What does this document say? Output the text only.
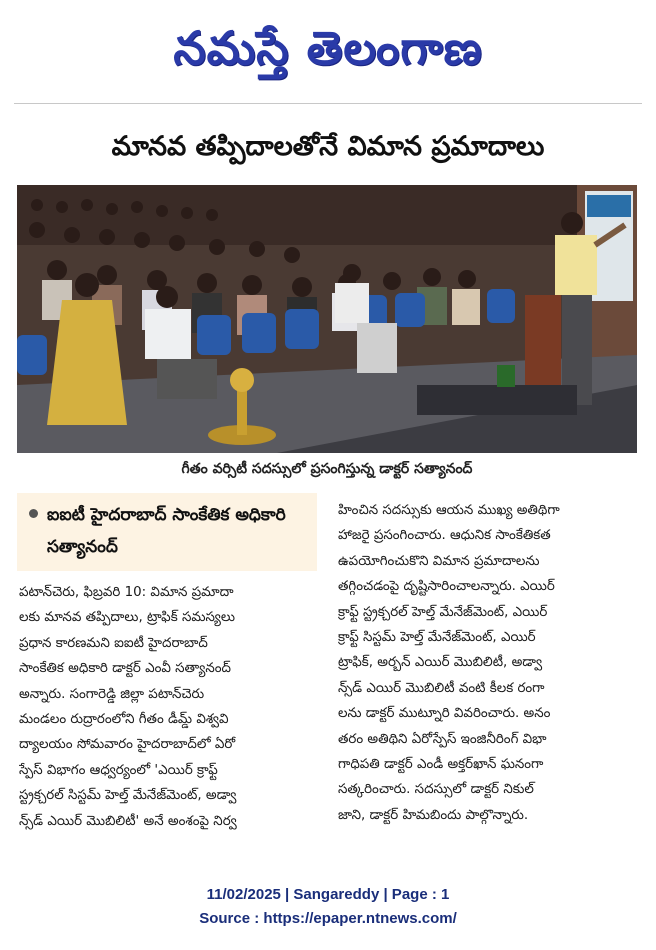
నమస్తే తెలంగాణ
మానవ తప్పిదాలతోనే విమాన ప్రమాదాలు
గీతం వర్సిటీ సదస్సులో ప్రసంగిస్తున్న డాక్టర్ సత్యానంద్
ఐఐటీ హైదరాబాద్ సాంకేతిక అధికారి సత్యానంద్

పటాన్‌చెరు, ఫిబ్రవరి 10: విమాన ప్రమాదా

లకు మానవ తప్పిదాలు, ట్రాఫిక్ సమస్యలు

ప్రధాన కారణమని ఐఐటీ హైదరాబాద్

సాంకేతిక అధికారి డాక్టర్ ఎంవీ సత్యానంద్

అన్నారు. సంగారెడ్డి జిల్లా పటాన్‌చెరు

మండలం రుద్రారంలోని గీతం డీమ్డ్ విశ్వవి

ద్యాలయం సోమవారం హైదరాబాద్‌లో ఏరో

స్పేస్ విభాగం ఆధ్వర్యంలో 'ఎయిర్ క్రాఫ్ట్

స్ట్రక్చరల్ సిస్టమ్ హెల్త్ మేనేజ్‌మెంట్, అడ్వా

న్స్‌డ్ ఎయిర్ మొబిలిటీ' అనే అంశంపై నిర్వ

హించిన సదస్సుకు ఆయన ముఖ్య అతిథిగా

హాజరై ప్రసంగించారు. ఆధునిక సాంకేతికత

ఉపయోగించుకొని విమాన ప్రమాదాలను

తగ్గించడంపై దృష్టిసారించాలన్నారు. ఎయిర్

క్రాఫ్ట్ స్ట్రక్చరల్ హెల్త్ మేనేజ్‌మెంట్, ఎయిర్

క్రాఫ్ట్ సిస్టమ్ హెల్త్ మేనేజ్‌మెంట్, ఎయిర్

ట్రాఫిక్, అర్బన్ ఎయిర్ మొబిలిటీ, అడ్వా

న్స్‌డ్ ఎయిర్ మొబిలిటీ వంటి కీలక రంగా

లను డాక్టర్ ముట్నూరి వివరించారు. అనం

తరం అతిథిని ఏరోస్పేస్ ఇంజినీరింగ్ విభా

గాధిపతి డాక్టర్ ఎండీ అక్తర్‌ఖాన్ ఘనంగా

సత్కరించారు. సదస్సులో డాక్టర్ నికుల్

జాని, డాక్టర్ హిమబిందు పాల్గొన్నారు.

11/02/2025 | Sangareddy | Page : 1
Source : https://epaper.ntnews.com/
